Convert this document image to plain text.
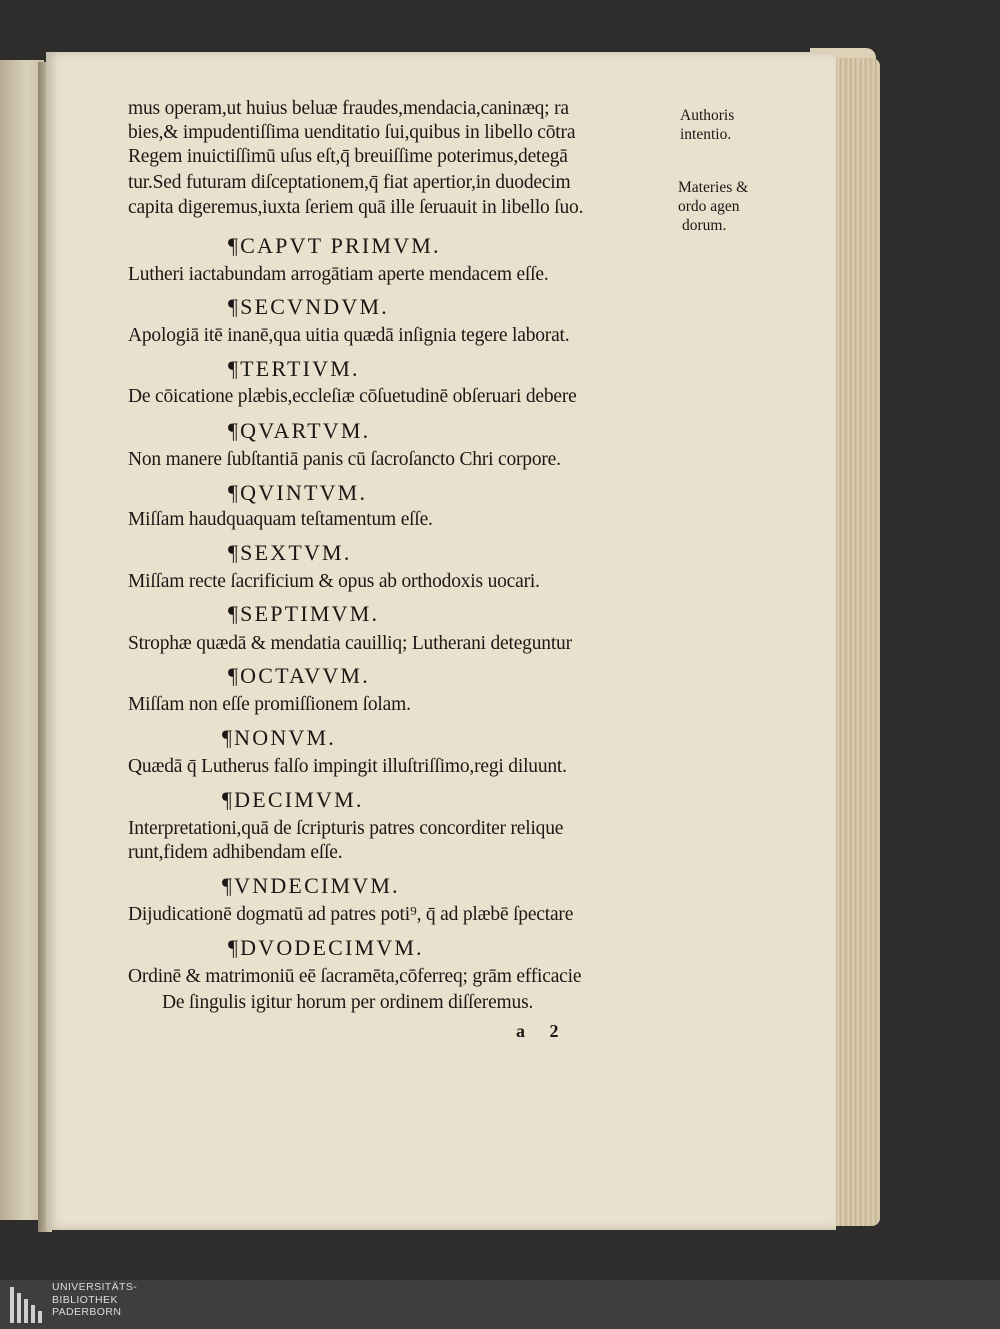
mus operam,ut huius beluæ fraudes,mendacia,caninæq; ra
bies,& impudentiſſima uenditatio ſui,quibus in libello cōtra
Regem inuictiſſimū uſus eſt,q̄ breuiſſime poterimus,detegā
tur.Sed futuram diſceptationem,q̄ fiat apertior,in duodecim
capita digeremus,iuxta ſeriem quā ille ſeruauit in libello ſuo.
Authoris
intentio.
Materies &
ordo agen
dorum.
¶CAPVT PRIMVM.
Lutheri iactabundam arrogātiam aperte mendacem eſſe.
¶SECVNDVM.
Apologiā itē inanē,qua uitia quædā inſignia tegere laborat.
¶TERTIVM.
De cōicatione plæbis,eccleſiæ cōſuetudinē obſeruari debere
¶QVARTVM.
Non manere ſubſtantiā panis cū ſacroſancto Chri corpore.
¶QVINTVM.
Miſſam haudquaquam teſtamentum eſſe.
¶SEXTVM.
Miſſam recte ſacrificium & opus ab orthodoxis uocari.
¶SEPTIMVM.
Strophæ quædā & mendatia cauilliq; Lutherani deteguntur
¶OCTAVVM.
Miſſam non eſſe promiſſionem ſolam.
¶NONVM.
Quædā q̄ Lutherus falſo impingit illuſtriſſimo,regi diluunt.
¶DECIMVM.
Interpretationi,quā de ſcripturis patres concorditer relique
runt,fidem adhibendam eſſe.
¶VNDECIMVM.
Dijudicationē dogmatū ad patres poti⁹, q̄ ad plæbē ſpectare
¶DVODECIMVM.
Ordinē & matrimoniū eē ſacramēta,cōferreq; grām efficacie
De ſingulis igitur horum per ordinem diſſeremus.
a 2
UNIVERSITÄTS-
BIBLIOTHEK
PADERBORN
